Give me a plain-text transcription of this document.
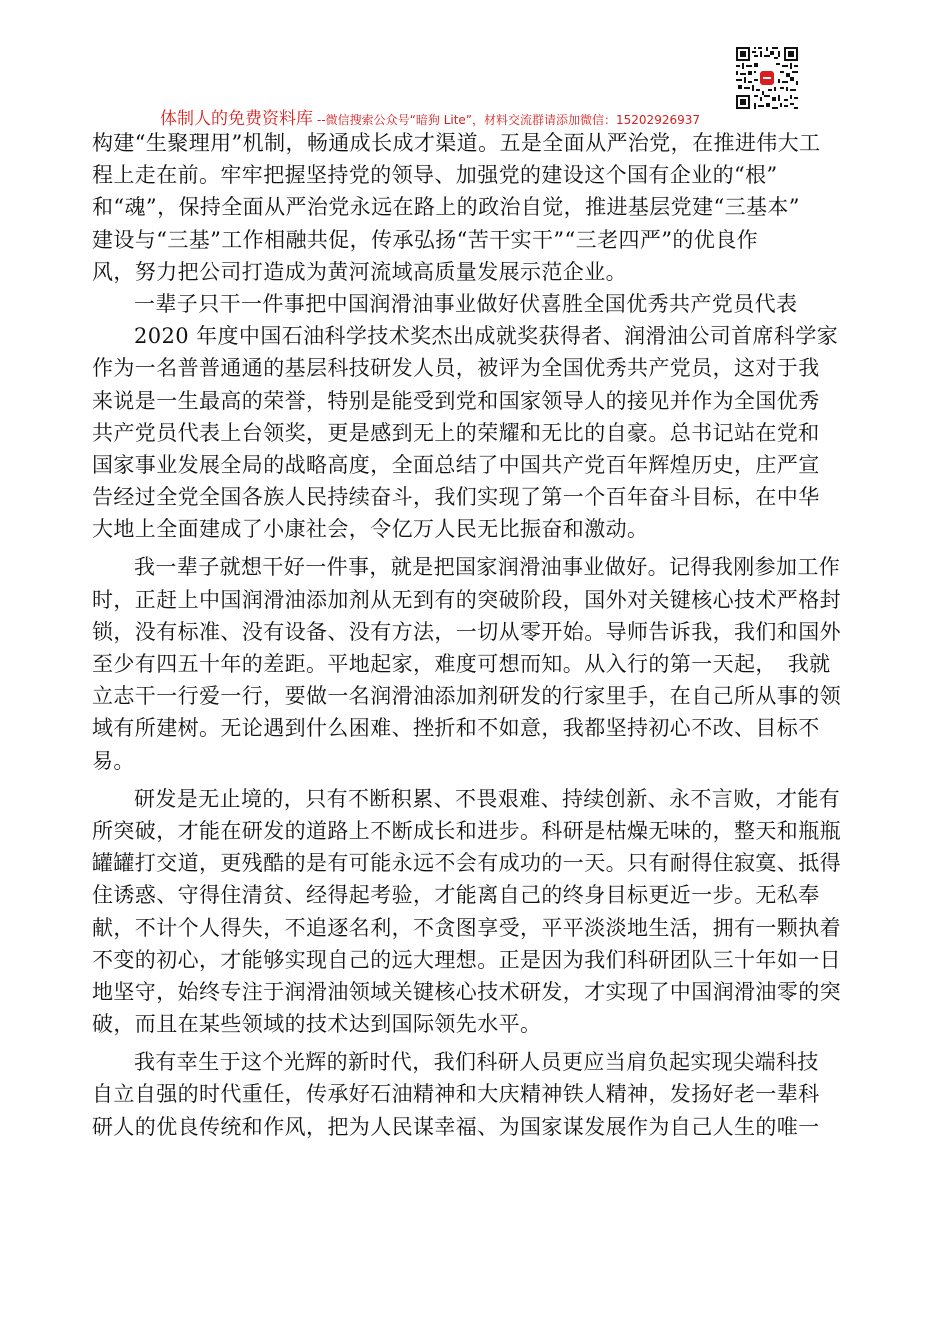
体制人的免费资料库 --微信搜索公众号“暗狗 Lite”，材料交流群请添加微信：15202926937
构建“生聚理用”机制，畅通成长成才渠道。五是全面从严治党，在推进伟大工
程上走在前。牢牢把握坚持党的领导、加强党的建设这个国有企业的“根”
和“魂”，保持全面从严治党永远在路上的政治自觉，推进基层党建“三基本”
建设与“三基”工作相融共促，传承弘扬“苦干实干”“三老四严”的优良作
风，努力把公司打造成为黄河流域高质量发展示范企业。
一辈子只干一件事把中国润滑油事业做好伏喜胜全国优秀共产党员代表
2020 年度中国石油科学技术奖杰出成就奖获得者、润滑油公司首席科学家
作为一名普普通通的基层科技研发人员，被评为全国优秀共产党员，这对于我
来说是一生最高的荣誉，特别是能受到党和国家领导人的接见并作为全国优秀
共产党员代表上台领奖，更是感到无上的荣耀和无比的自豪。总书记站在党和
国家事业发展全局的战略高度，全面总结了中国共产党百年辉煌历史，庄严宣
告经过全党全国各族人民持续奋斗，我们实现了第一个百年奋斗目标，在中华
大地上全面建成了小康社会，令亿万人民无比振奋和激动。
我一辈子就想干好一件事，就是把国家润滑油事业做好。记得我刚参加工作
时，正赶上中国润滑油添加剂从无到有的突破阶段，国外对关键核心技术严格封
锁，没有标准、没有设备、没有方法，一切从零开始。导师告诉我，我们和国外
至少有四五十年的差距。平地起家，难度可想而知。从入行的第一天起，　我就
立志干一行爱一行，要做一名润滑油添加剂研发的行家里手，在自己所从事的领
域有所建树。无论遇到什么困难、挫折和不如意，我都坚持初心不改、目标不
易。
研发是无止境的，只有不断积累、不畏艰难、持续创新、永不言败，才能有
所突破，才能在研发的道路上不断成长和进步。科研是枯燥无味的，整天和瓶瓶
罐罐打交道，更残酷的是有可能永远不会有成功的一天。只有耐得住寂寞、抵得
住诱惑、守得住清贫、经得起考验，才能离自己的终身目标更近一步。无私奉
献，不计个人得失，不追逐名利，不贪图享受，平平淡淡地生活，拥有一颗执着
不变的初心，才能够实现自己的远大理想。正是因为我们科研团队三十年如一日
地坚守，始终专注于润滑油领域关键核心技术研发，才实现了中国润滑油零的突
破，而且在某些领域的技术达到国际领先水平。
我有幸生于这个光辉的新时代，我们科研人员更应当肩负起实现尖端科技
自立自强的时代重任，传承好石油精神和大庆精神铁人精神，发扬好老一辈科
研人的优良传统和作风，把为人民谋幸福、为国家谋发展作为自己人生的唯一
